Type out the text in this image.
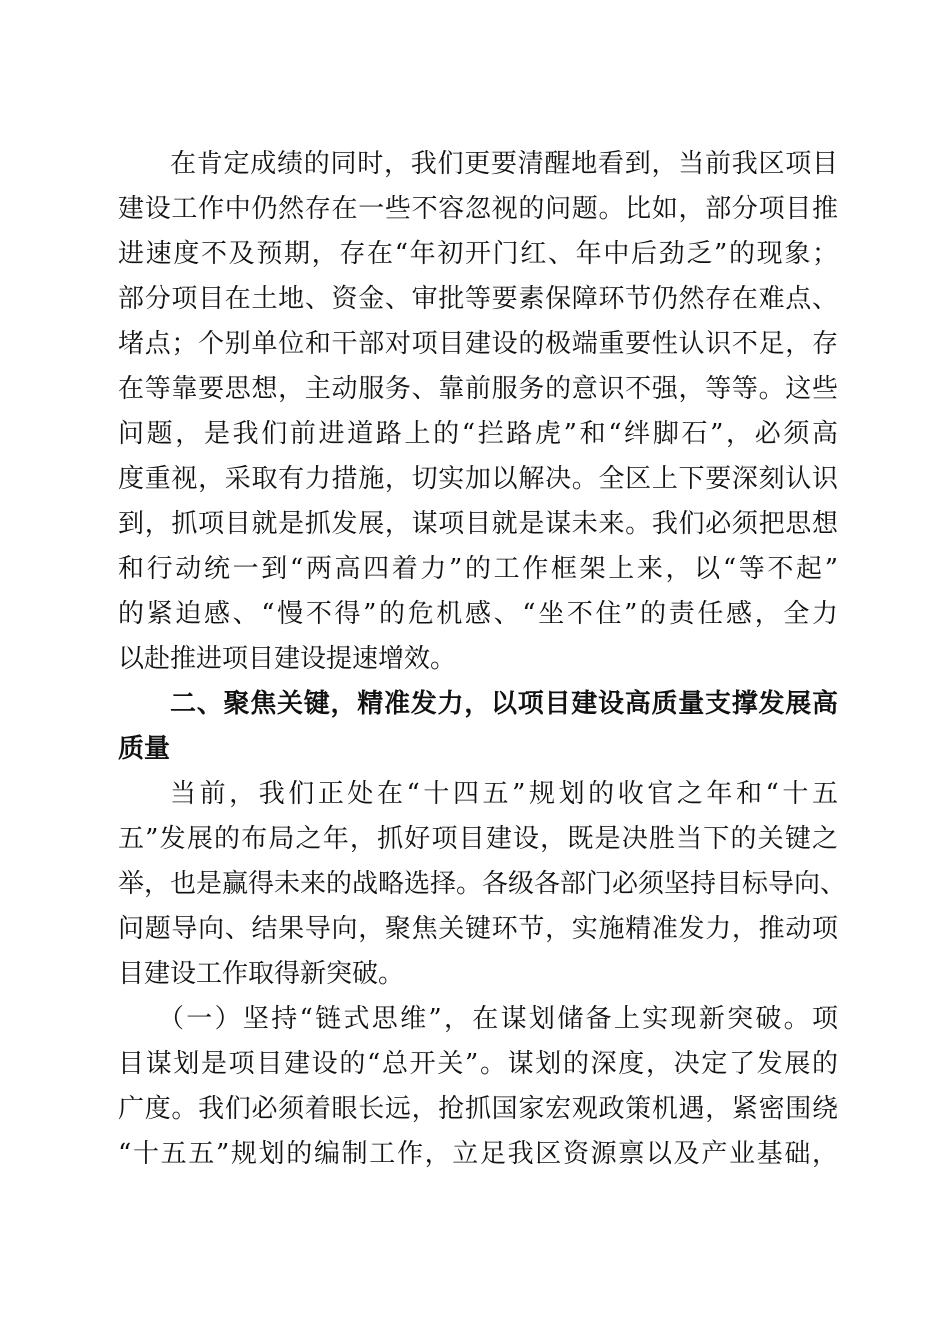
在肯定成绩的同时，我们更要清醒地看到，当前我区项目
建设工作中仍然存在一些不容忽视的问题。比如，部分项目推
进速度不及预期，存在“年初开门红、年中后劲乏”的现象；
部分项目在土地、资金、审批等要素保障环节仍然存在难点、
堵点；个别单位和干部对项目建设的极端重要性认识不足，存
在等靠要思想，主动服务、靠前服务的意识不强，等等。这些
问题，是我们前进道路上的“拦路虎”和“绊脚石”，必须高
度重视，采取有力措施，切实加以解决。全区上下要深刻认识
到，抓项目就是抓发展，谋项目就是谋未来。我们必须把思想
和行动统一到“两高四着力”的工作框架上来，以“等不起”
的紧迫感、“慢不得”的危机感、“坐不住”的责任感，全力
以赴推进项目建设提速增效。
二、聚焦关键，精准发力，以项目建设高质量支撑发展高
质量
当前，我们正处在“十四五”规划的收官之年和“十五
五”发展的布局之年，抓好项目建设，既是决胜当下的关键之
举，也是赢得未来的战略选择。各级各部门必须坚持目标导向、
问题导向、结果导向，聚焦关键环节，实施精准发力，推动项
目建设工作取得新突破。
（一）坚持“链式思维”，在谋划储备上实现新突破。项
目谋划是项目建设的“总开关”。谋划的深度，决定了发展的
广度。我们必须着眼长远，抢抓国家宏观政策机遇，紧密围绕
“十五五”规划的编制工作，立足我区资源禀以及产业基础，
